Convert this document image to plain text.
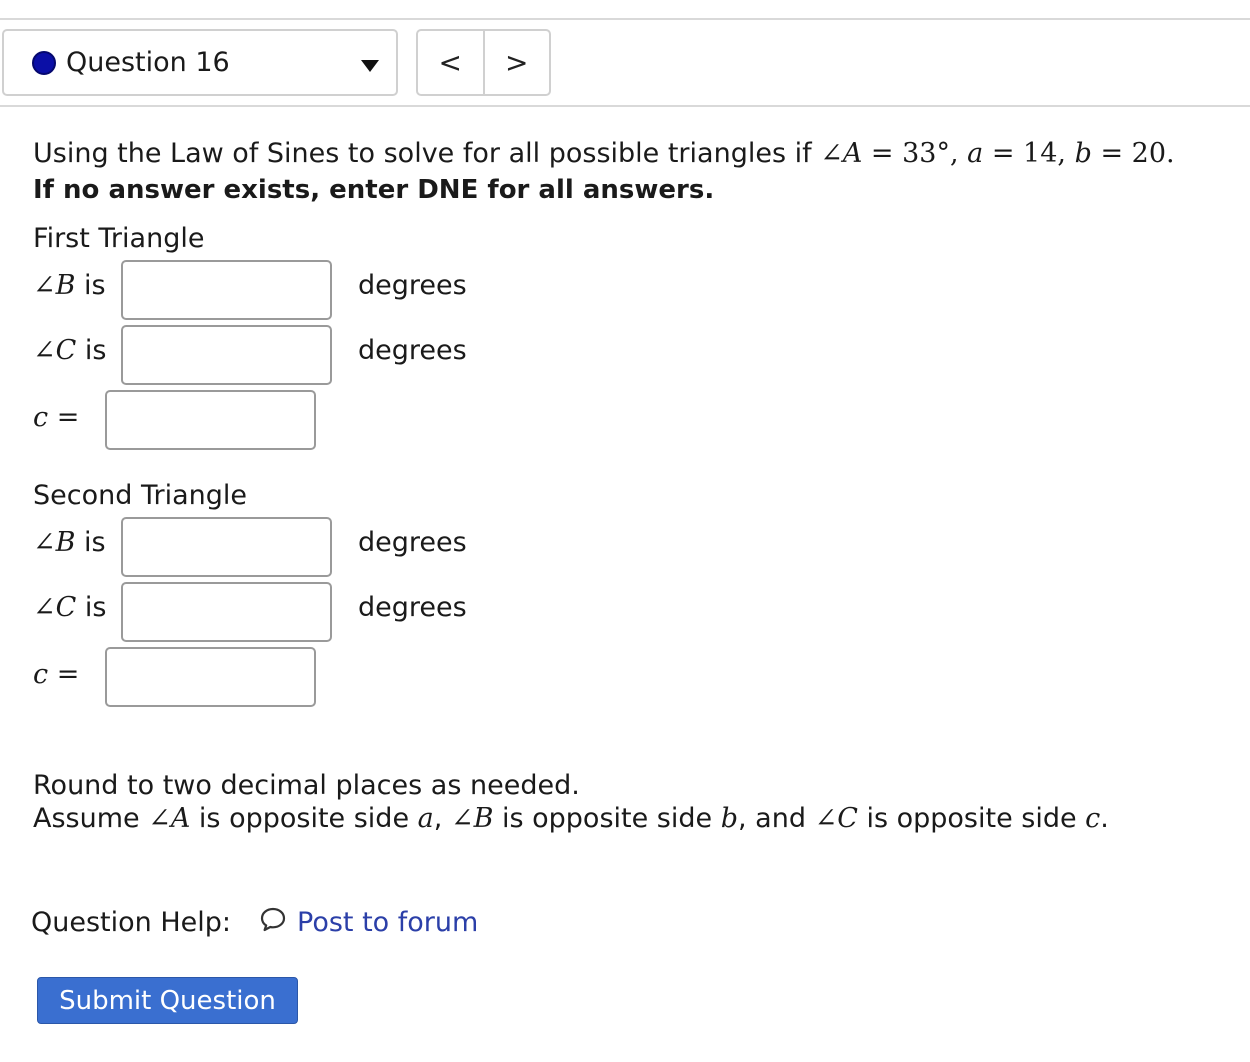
Question 16	<	>
Using the Law of Sines to solve for all possible triangles if ∠A = 33°, a = 14, b = 20.
If no answer exists, enter DNE for all answers.
First Triangle
∠B is	degrees
∠C is	degrees
c =
Second Triangle
∠B is	degrees
∠C is	degrees
c =
Round to two decimal places as needed.
Assume ∠A is opposite side a, ∠B is opposite side b, and ∠C is opposite side c.
Question Help: Post to forum
Submit Question
